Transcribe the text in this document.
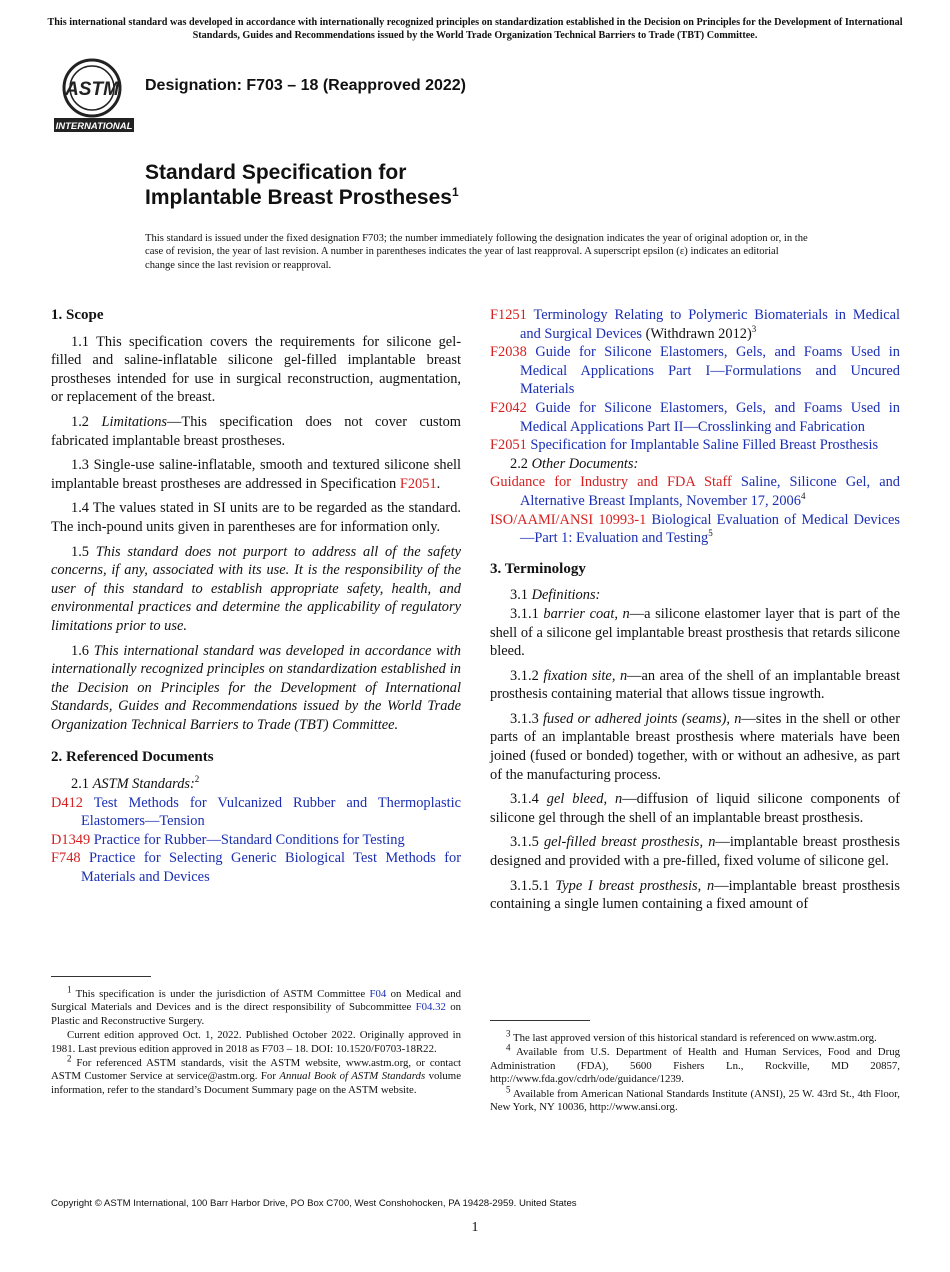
This international standard was developed in accordance with internationally recognized principles on standardization established in the Decision on Principles for the Development of International Standards, Guides and Recommendations issued by the World Trade Organization Technical Barriers to Trade (TBT) Committee.
ASTM
INTERNATIONAL
Designation: F703 – 18 (Reapproved 2022)
Standard Specification for
Implantable Breast Prostheses$^1$
This standard is issued under the fixed designation F703; the number immediately following the designation indicates the year of original adoption or, in the case of revision, the year of last revision. A number in parentheses indicates the year of last reapproval. A superscript epsilon (ε) indicates an editorial change since the last revision or reapproval.
1. Scope

1.1 This specification covers the requirements for silicone gel-filled and saline-inflatable silicone gel-filled implantable breast prostheses intended for use in surgical reconstruction, augmentation, or replacement of the breast.

1.2 Limitations—This specification does not cover custom fabricated implantable breast prostheses.

1.3 Single-use saline-inflatable, smooth and textured silicone shell implantable breast prostheses are addressed in Specification F2051.

1.4 The values stated in SI units are to be regarded as the standard. The inch-pound units given in parentheses are for information only.

1.5 This standard does not purport to address all of the safety concerns, if any, associated with its use. It is the responsibility of the user of this standard to establish appropriate safety, health, and environmental practices and determine the applicability of regulatory limitations prior to use.

1.6 This international standard was developed in accordance with internationally recognized principles on standardization established in the Decision on Principles for the Development of International Standards, Guides and Recommendations issued by the World Trade Organization Technical Barriers to Trade (TBT) Committee.

2. Referenced Documents

2.1 ASTM Standards:$^2$

D412 Test Methods for Vulcanized Rubber and Thermoplastic Elastomers—Tension
D1349 Practice for Rubber—Standard Conditions for Testing
F748 Practice for Selecting Generic Biological Test Methods for Materials and Devices

$^1$ This specification is under the jurisdiction of ASTM Committee F04 on Medical and Surgical Materials and Devices and is the direct responsibility of Subcommittee F04.32 on Plastic and Reconstructive Surgery.

Current edition approved Oct. 1, 2022. Published October 2022. Originally approved in 1981. Last previous edition approved in 2018 as F703 – 18. DOI: 10.1520/F0703-18R22.

$^2$ For referenced ASTM standards, visit the ASTM website, www.astm.org, or contact ASTM Customer Service at service@astm.org. For Annual Book of ASTM Standards volume information, refer to the standard’s Document Summary page on the ASTM website.

F1251 Terminology Relating to Polymeric Biomaterials in Medical and Surgical Devices (Withdrawn 2012)$^3$
F2038 Guide for Silicone Elastomers, Gels, and Foams Used in Medical Applications Part I—Formulations and Uncured Materials
F2042 Guide for Silicone Elastomers, Gels, and Foams Used in Medical Applications Part II—Crosslinking and Fabrication
F2051 Specification for Implantable Saline Filled Breast Prosthesis

2.2 Other Documents:

Guidance for Industry and FDA Staff Saline, Silicone Gel, and Alternative Breast Implants, November 17, 2006$^4$
ISO/AAMI/ANSI 10993-1 Biological Evaluation of Medical Devices—Part 1: Evaluation and Testing$^5$
3. Terminology

3.1 Definitions:

3.1.1 barrier coat, n—a silicone elastomer layer that is part of the shell of a silicone gel implantable breast prosthesis that retards silicone bleed.

3.1.2 fixation site, n—an area of the shell of an implantable breast prosthesis containing material that allows tissue ingrowth.

3.1.3 fused or adhered joints (seams), n—sites in the shell or other parts of an implantable breast prosthesis where materials have been joined (fused or bonded) together, with or without an adhesive, as part of the manufacturing process.

3.1.4 gel bleed, n—diffusion of liquid silicone components of silicone gel through the shell of an implantable breast prosthesis.

3.1.5 gel-filled breast prosthesis, n—implantable breast prosthesis designed and provided with a pre-filled, fixed volume of silicone gel.

3.1.5.1 Type I breast prosthesis, n—implantable breast prosthesis containing a single lumen containing a fixed amount of

$^3$ The last approved version of this historical standard is referenced on www.astm.org.

$^4$ Available from U.S. Department of Health and Human Services, Food and Drug Administration (FDA), 5600 Fishers Ln., Rockville, MD 20857, http://www.fda.gov/cdrh/ode/guidance/1239.

$^5$ Available from American National Standards Institute (ANSI), 25 W. 43rd St., 4th Floor, New York, NY 10036, http://www.ansi.org.

Copyright © ASTM International, 100 Barr Harbor Drive, PO Box C700, West Conshohocken, PA 19428-2959. United States
1
